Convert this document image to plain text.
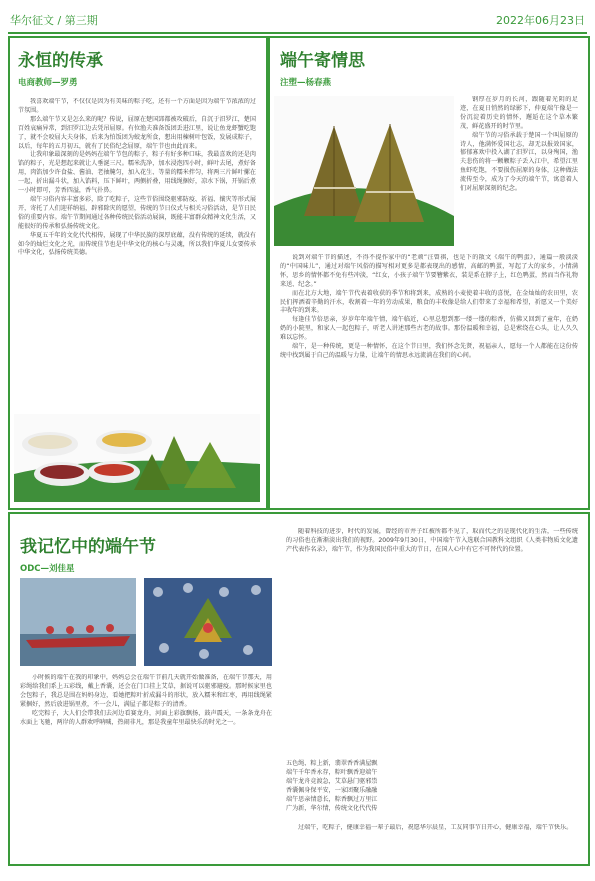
华尔征文 / 第三期	2022年06月23日
永恒的传承
电商教师—罗勇

我喜欢端午节，不仅仅是因为有美味的粽子吃，还有一个方面是因为端午节浓浓的过节氛围。

那么端午节又是怎么来的呢？传说，屈原在楚国郢都被攻破后，自沉于汨罗江，楚国百姓哀痛异常，到汨罗江边去凭吊屈原。有位渔夫准备饭团丢进江里，说让鱼龙虾蟹吃饱了，就不会咬屈大夫身体，后来为怕饭团为蛟龙所食，想出用楝树叶包饭，发展成粽子，以后，每年的五月初五，就有了民俗纪念屈原，端午节也由此而来。

让我印象最深刻的是妈妈在端午节包的粽子，粽子有好多种口味，我最喜欢的还是肉馅的粽子，光是想起来就让人垂涎三尺。糯米洗净，加水浸泡四小时，鲜叶去尾，煮好备用，肉馅加少许食盐、酱油、老抽腌匀，加入花生、等量的糯米拌匀，将两三片鲜叶摞在一起，折出漏斗状，加入馅料，压下鲜叶，两侧折叠，用线绳捆好，凉水下锅，开锅后煮一小时即可，芳香四溢，香气扑鼻。

端午习俗内容丰富多彩，除了吃粽子，这些节俗围绕驱邪防疫、祈福、攘灾等形式展开，寄托了人们迎祥纳福，辟邪除灾的愿望，传统的节日仪式与相关习俗活动，是节日民俗的重要内容。端午节期间通过各种传统民俗活动展演，既能丰富群众精神文化生活，又能很好的传承和弘扬传统文化。

华夏五千年的文化代代相传，展现了中华民族的深厚底蕴，没有传统的延续，就没有如今的灿烂文化之光，而传统佳节也是中华文化的核心与灵魂，所以我们华夏儿女要传承中华文化，弘扬传统美德。

端午寄情思
注塑—杨春燕

钢厚在岁月的长河，跟随着光阴的足迹，在夏日悄然的绿影下，仲夏端午像是一份沉淀着历史的情怀，邂逅在这个草木繁茂，鲜花盛开的时节里。

端午节的习俗承载于楚国一个叫屈原的诗人，他满怀爱国壮志，却无以报效国家，郁郁寡欢中投入湖了汨罗江，以身殉国，渔夫悲伤的将一颗颗粽子丢入江中，希望江里鱼虾吃饱，不要损伤屈原的身体，这种做法流传至今，成为了今天的端午节，寓意着人们对屈原深刻的纪念。

说到对端午节的描述，不得不提作家中的“老顽”汪曾祺，也是下的散文《端午的鸭蛋》，通篇一般淡淡的“中国味儿”，通过对端午风俗的描写相对更多是都表现出的感情，高邮的鸭蛋，写起了大的家乡，小情满怀，思乡的情怀都不免有些冲淡，“红女，小孩子端午节要簪紫衣，装是系在脖子上，红色鸭蛋，然而当作礼物来送、纪念。”

而在北方大地，端午节代表着收获的季节和将到来，成熟的小麦使着丰收的喜悦，在金灿灿的农田里，农民们挥洒着辛勤的汗水，收割着一年的劳动成果，粮食的丰收像是给人们带来了幸福和希望，祈愿又一个美好丰收年的到来。

每逢佳节倍思亲，岁岁年年端午情，端午临近，心里总想到那一缕一缕的粽香，仿佛又回到了童年，在奶奶的小院里，和家人一起包粽子，听老人讲述那些古老的故事。那份温暖和幸福，总是萦绕在心头，让人久久难以忘怀。

端午，是一种传统，更是一种情怀，在这个节日里，我们怀念先贤，祝福亲人，愿每一个人都能在这份传统中找到属于自己的温暖与力量，让端午的情思永远流淌在我们的心间。

我记忆中的端午节
ODC—刘佳星

小时候的端午在我的印象中，妈妈总会在端午节前几天就开始做准备，在端午节那天，用彩绳给我们系上五彩线，戴上香囊，还会在门口挂上艾草，据说可以驱邪避疫。那时候家里也会包粽子，我总是围在妈妈身边，看她把粽叶折成漏斗的形状，放入糯米和红枣，再用线绳紧紧捆好，然后放进锅里煮，不一会儿，满屋子都是粽子的清香。

吃完粽子，大人们会带我们去河边看赛龙舟，河面上彩旗飘扬，鼓声震天，一条条龙舟在水面上飞驰，两岸的人群欢呼呐喊，热闹非凡，那是我童年里最快乐的时光之一。

随着科技的进步，时代的发展，曾经的市井子红被所都不见了，取而代之的是现代化的生活，一些传统的习俗也在渐渐淡出我们的视野。2009年9月30日，中国端午节入选联合国教科文组织《人类非物质文化遗产代表作名录》，端午节，作为我国民俗中重大的节日，在国人心中有它不可替代的位置。

五色绳、粽上新，翡翠香香满屋飘
端午千年香永存，粽叶飘香迎端午
端午龙舟竞渡急，艾草悬门驱邪祟
香囊佩身保平安，一家团聚乐融融
端午思亲情意长，粽香飘过万里江
广为新，华尔情，传统文化代代传

过端午，吃粽子，健康幸福一辈子最后，祝愿华尔晨星，工友同事节日开心，健康幸福，端午节快乐。
